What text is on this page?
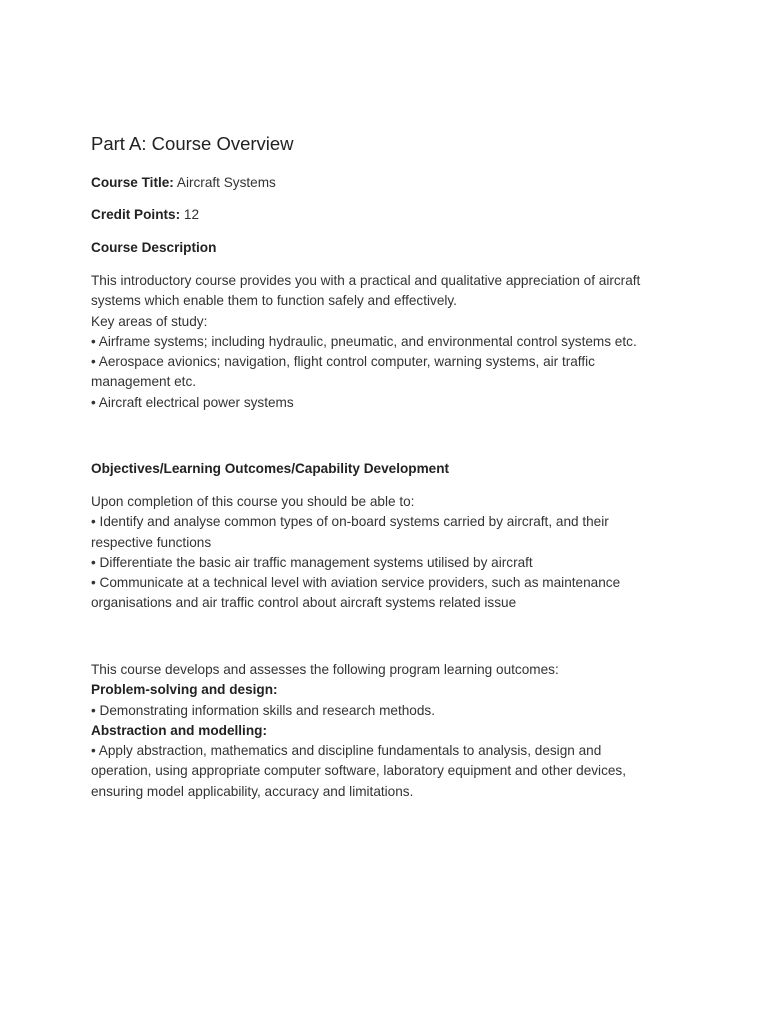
Part A: Course Overview
Course Title: Aircraft Systems
Credit Points: 12
Course Description
This introductory course provides you with a practical and qualitative appreciation of aircraft
systems which enable them to function safely and effectively.
Key areas of study:
• Airframe systems; including hydraulic, pneumatic, and environmental control systems etc.
• Aerospace avionics; navigation, flight control computer, warning systems, air traffic
management etc.
• Aircraft electrical power systems
Objectives/Learning Outcomes/Capability Development
Upon completion of this course you should be able to:
• Identify and analyse common types of on-board systems carried by aircraft, and their
respective functions
• Differentiate the basic air traffic management systems utilised by aircraft
• Communicate at a technical level with aviation service providers, such as maintenance
organisations and air traffic control about aircraft systems related issue
This course develops and assesses the following program learning outcomes:
Problem-solving and design:
• Demonstrating information skills and research methods.
Abstraction and modelling:
• Apply abstraction, mathematics and discipline fundamentals to analysis, design and
operation, using appropriate computer software, laboratory equipment and other devices,
ensuring model applicability, accuracy and limitations.
